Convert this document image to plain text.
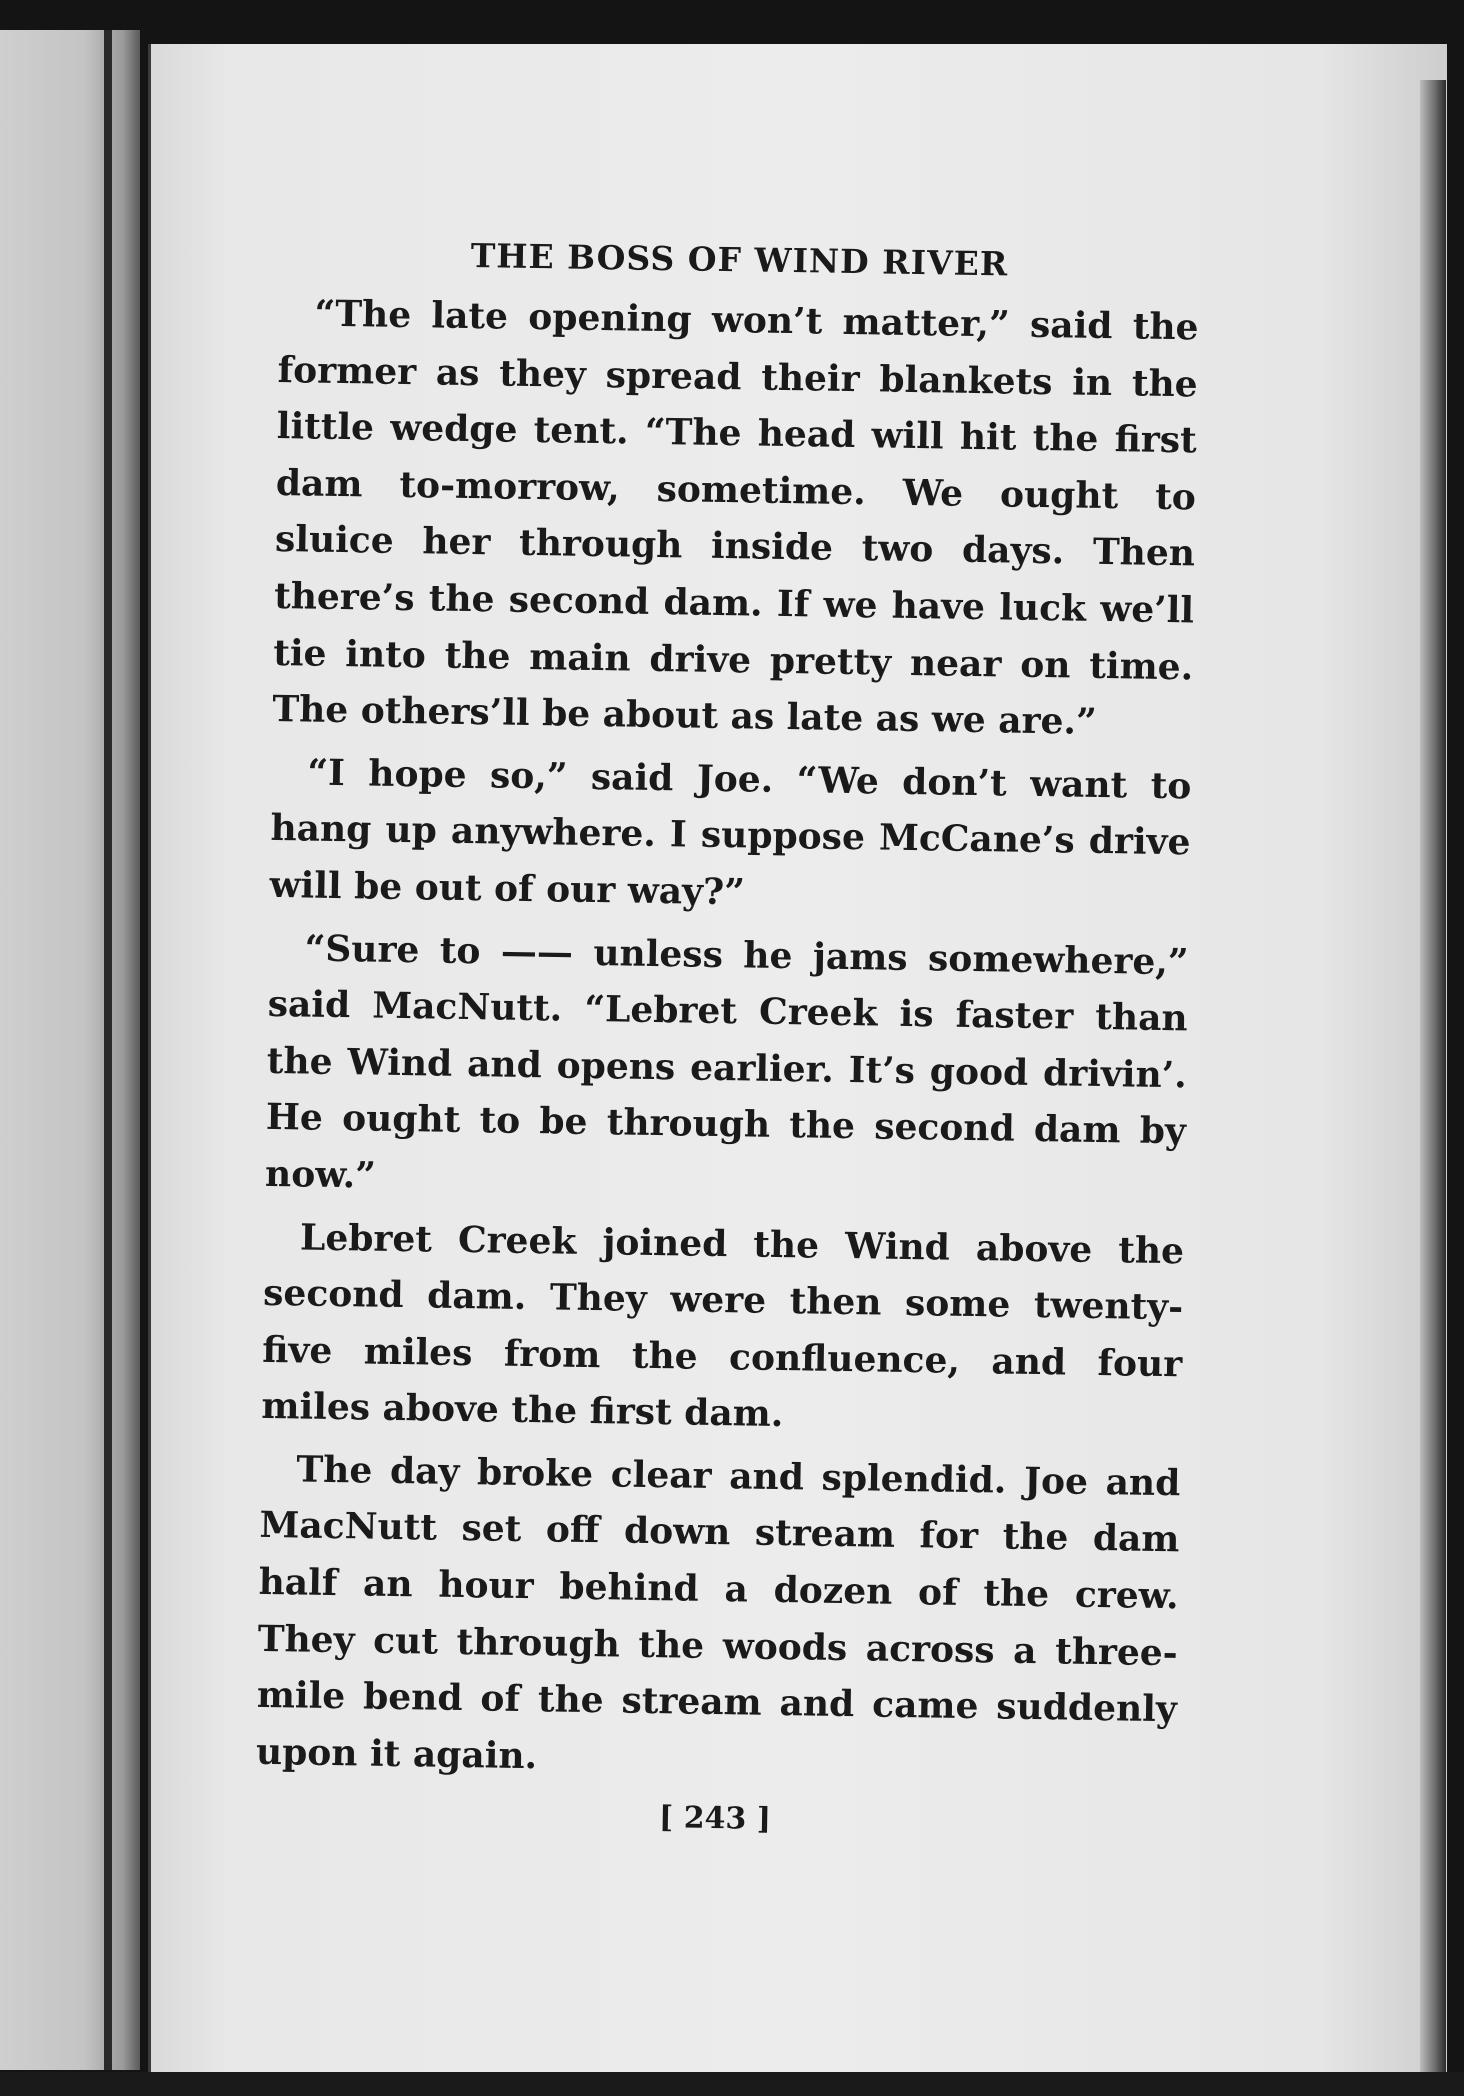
THE BOSS OF WIND RIVER

“The late opening won’t matter,” said the former as they spread their blankets in the little wedge tent. “The head will hit the first dam to-morrow, sometime. We ought to sluice her through inside two days. Then there’s the second dam. If we have luck we’ll tie into the main drive pretty near on time. The others’ll be about as late as we are.”

“I hope so,” said Joe. “We don’t want to hang up anywhere. I suppose McCane’s drive will be out of our way?”

“Sure to —— unless he jams somewhere,” said MacNutt. “Lebret Creek is faster than the Wind and opens earlier. It’s good drivin’. He ought to be through the second dam by now.”

Lebret Creek joined the Wind above the second dam. They were then some twenty-five miles from the confluence, and four miles above the first dam.

The day broke clear and splendid. Joe and MacNutt set off down stream for the dam half an hour behind a dozen of the crew. They cut through the woods across a three-mile bend of the stream and came suddenly upon it again.

[ 243 ]
